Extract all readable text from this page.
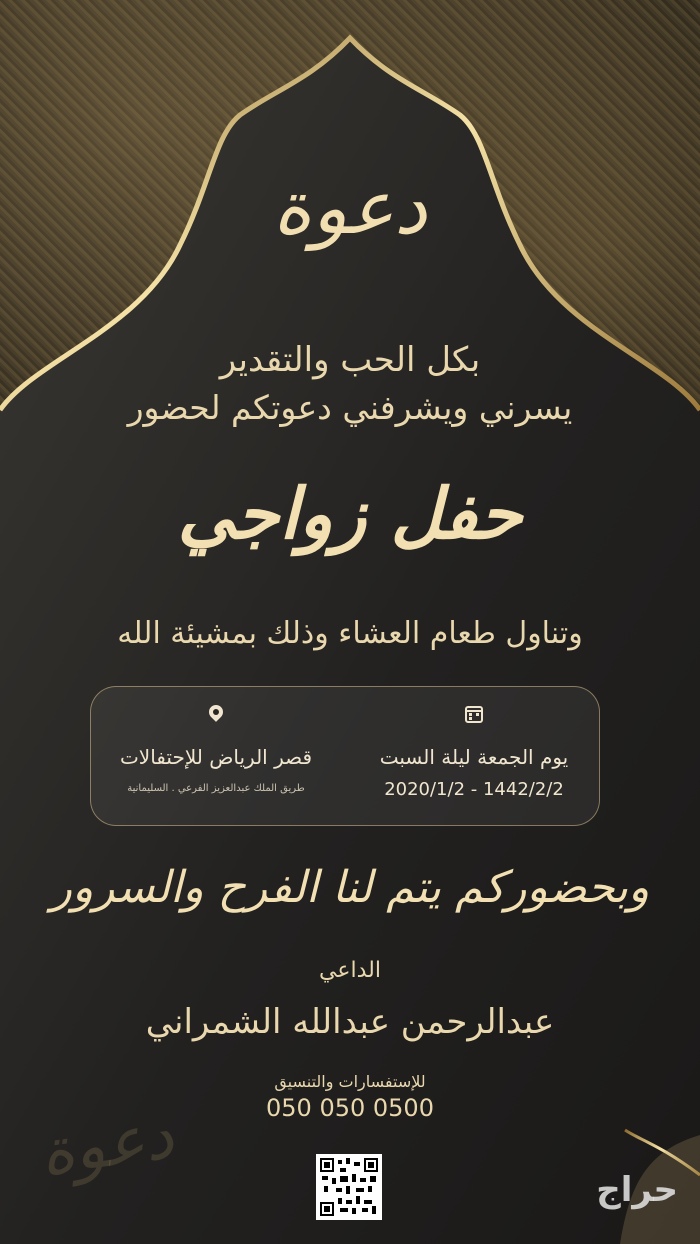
دعوة
دعوة
بكل الحب والتقدير
يسرني ويشرفني دعوتكم لحضور
حفل زواجي
وتناول طعام العشاء وذلك بمشيئة الله
يوم الجمعة ليلة السبت
2020/1/2 - 1442/2/2
قصر الرياض للإحتفالات
طريق الملك عبدالعزيز الفرعي . السليمانية
وبحضوركم يتم لنا الفرح والسرور
الداعي
عبدالرحمن عبدالله الشمراني
للإستفسارات والتنسيق
050 050 0500
حراج
